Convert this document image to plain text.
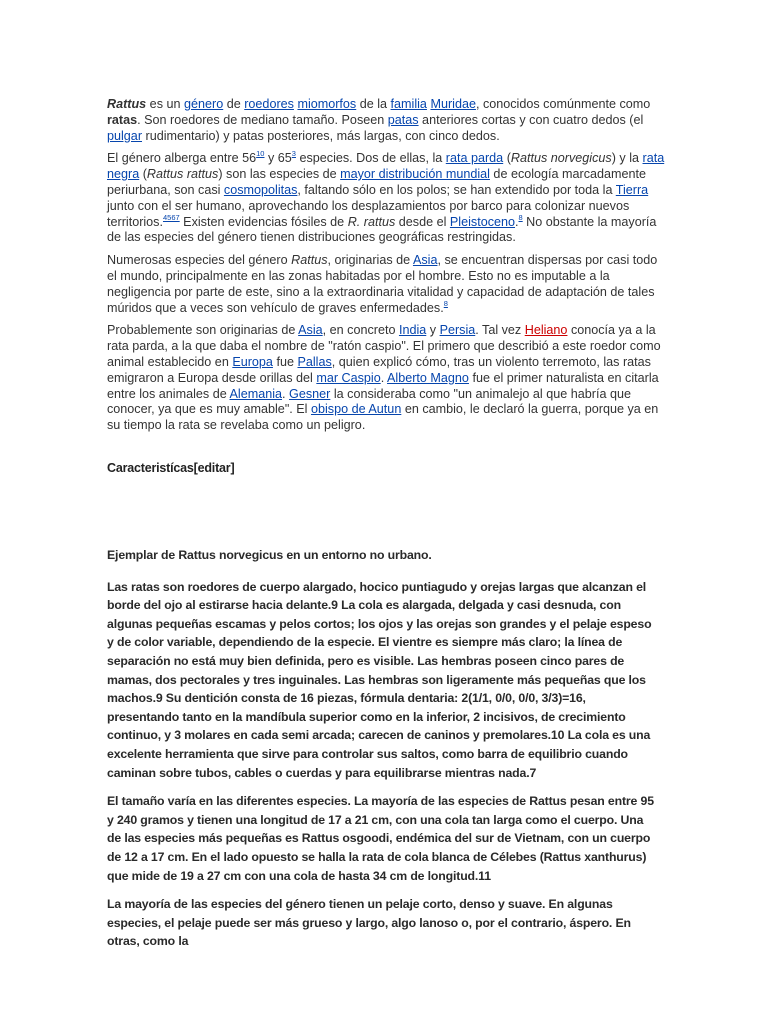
Rattus es un género de roedores miomorfos de la familia Muridae, conocidos comúnmente como ratas. Son roedores de mediano tamaño. Poseen patas anteriores cortas y con cuatro dedos (el pulgar rudimentario) y patas posteriores, más largas, con cinco dedos.

El género alberga entre $56^{10}$ y $65^3$ especies. Dos de ellas, la rata parda (Rattus norvegicus) y la rata negra (Rattus rattus) son las especies de mayor distribución mundial de ecología marcadamente periurbana, son casi cosmopolitas, faltando sólo en los polos; se han extendido por toda la Tierra junto con el ser humano, aprovechando los desplazamientos por barco para colonizar nuevos territorios.$^{4567}$ Existen evidencias fósiles de R. rattus desde el Pleistoceno.$^8$ No obstante la mayoría de las especies del género tienen distribuciones geográficas restringidas.

Numerosas especies del género Rattus, originarias de Asia, se encuentran dispersas por casi todo el mundo, principalmente en las zonas habitadas por el hombre. Esto no es imputable a la negligencia por parte de este, sino a la extraordinaria vitalidad y capacidad de adaptación de tales múridos que a veces son vehículo de graves enfermedades.$^8$

Probablemente son originarias de Asia, en concreto India y Persia. Tal vez Heliano conocía ya a la rata parda, a la que daba el nombre de "ratón caspio". El primero que describió a este roedor como animal establecido en Europa fue Pallas, quien explicó cómo, tras un violento terremoto, las ratas emigraron a Europa desde orillas del mar Caspio. Alberto Magno fue el primer naturalista en citarla entre los animales de Alemania. Gesner la consideraba como "un animalejo al que habría que conocer, ya que es muy amable". El obispo de Autun en cambio, le declaró la guerra, porque ya en su tiempo la rata se revelaba como un peligro.

Caracteristícas[editar]

Ejemplar de Rattus norvegicus en un entorno no urbano.

Las ratas son roedores de cuerpo alargado, hocico puntiagudo y orejas largas que alcanzan el borde del ojo al estirarse hacia delante.9 La cola es alargada, delgada y casi desnuda, con algunas pequeñas escamas y pelos cortos; los ojos y las orejas son grandes y el pelaje espeso y de color variable, dependiendo de la especie. El vientre es siempre más claro; la línea de separación no está muy bien definida, pero es visible. Las hembras poseen cinco pares de mamas, dos pectorales y tres inguinales. Las hembras son ligeramente más pequeñas que los machos.9 Su dentición consta de 16 piezas, fórmula dentaria: 2(1/1, 0/0, 0/0, 3/3)=16, presentando tanto en la mandíbula superior como en la inferior, 2 incisivos, de crecimiento continuo, y 3 molares en cada semi arcada; carecen de caninos y premolares.10 La cola es una excelente herramienta que sirve para controlar sus saltos, como barra de equilibrio cuando caminan sobre tubos, cables o cuerdas y para equilibrarse mientras nada.7

El tamaño varía en las diferentes especies. La mayoría de las especies de Rattus pesan entre 95 y 240 gramos y tienen una longitud de 17 a 21 cm, con una cola tan larga como el cuerpo. Una de las especies más pequeñas es Rattus osgoodi, endémica del sur de Vietnam, con un cuerpo de 12 a 17 cm. En el lado opuesto se halla la rata de cola blanca de Célebes (Rattus xanthurus) que mide de 19 a 27 cm con una cola de hasta 34 cm de longitud.11

La mayoría de las especies del género tienen un pelaje corto, denso y suave. En algunas especies, el pelaje puede ser más grueso y largo, algo lanoso o, por el contrario, áspero. En otras, como la
